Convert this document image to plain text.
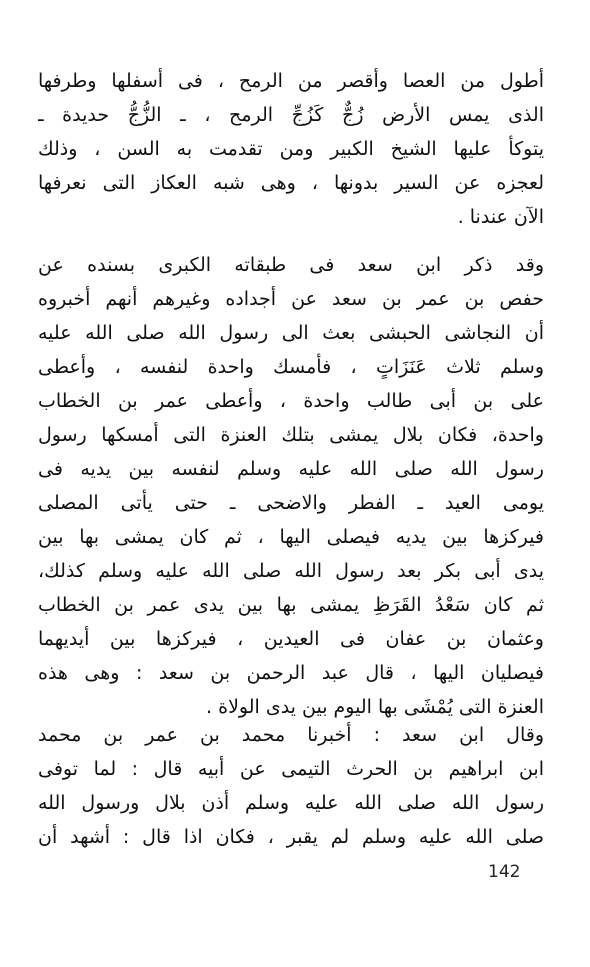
أطول من العصا وأقصر من الرمح ، فى أسفلها وطرفها
الذى يمس الأرض زُجٌّ كَزُجِّ الرمح ، ـ الزُّجُّ حديدة ـ
يتوكأ عليها الشيخ الكبير ومن تقدمت به السن ، وذلك
لعجزه عن السير بدونها ، وهى شبه العكاز التى نعرفها
الآن عندنا .
وقد ذكر ابن سعد فى طبقاته الكبرى بسنده عن
حفص بن عمر بن سعد عن أجداده وغيرهم أنهم أخبروه
أن النجاشى الحبشى بعث الى رسول الله صلى الله عليه
وسلم ثلاث عَنَزَاتٍ ، فأمسك واحدة لنفسه ، وأعطى
على بن أبى طالب واحدة ، وأعطى عمر بن الخطاب
واحدة، فكان بلال يمشى بتلك العنزة التى أمسكها رسول
رسول الله صلى الله عليه وسلم لنفسه بين يديه فى
يومى العيد ـ الفطر والاضحى ـ حتى يأتى المصلى
فيركزها بين يديه فيصلى اليها ، ثم كان يمشى بها بين
يدى أبى بكر بعد رسول الله صلى الله عليه وسلم كذلك،
ثم كان سَعْدُ القَرَظِ يمشى بها بين يدى عمر بن الخطاب
وعثمان بن عفان فى العيدين ، فيركزها بين أيديهما
فيصليان اليها ، قال عبد الرحمن بن سعد : وهى هذه
العنزة التى يُمْشَى بها اليوم بين يدى الولاة .
وقال ابن سعد : أخبرنا محمد بن عمر بن محمد
ابن ابراهيم بن الحرث التيمى عن أبيه قال : لما توفى
رسول الله صلى الله عليه وسلم أذن بلال ورسول الله
صلى الله عليه وسلم لم يقبر ، فكان اذا قال : أشهد أن
142
